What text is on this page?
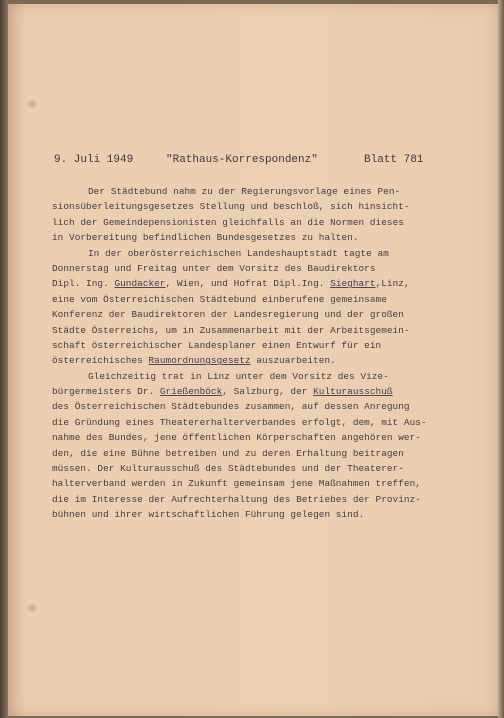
9. Juli 1949	"Rathaus-Korrespondenz"	Blatt 781
Der Städtebund nahm zu der Regierungsvorlage eines Pen-
sionsüberleitungsgesetzes Stellung und beschloß, sich hinsicht-
lich der Gemeindepensionisten gleichfalls an die Normen dieses
in Vorbereitung befindlichen Bundesgesetzes zu halten.
In der oberösterreichischen Landeshauptstadt tagte am
Donnerstag und Freitag unter dem Vorsitz des Baudirektors
Dipl. Ing. Gundacker, Wien, und Hofrat Dipl.Ing. Sieghart,Linz,
eine vom Österreichischen Städtebund einberufene gemeinsame
Konferenz der Baudirektoren der Landesregierung und der großen
Städte Österreichs, um in Zusammenarbeit mit der Arbeitsgemein-
schaft österreichischer Landesplaner einen Entwurf für ein
österreichisches Raumordnungsgesetz auszuarbeiten.
Gleichzeitig trat in Linz unter dem Vorsitz des Vize-
bürgermeisters Dr. Grießenböck, Salzburg, der Kulturausschuß
des Österreichischen Städtebundes zusammen, auf dessen Anregung
die Gründung eines Theatererhalterverbandes erfolgt, dem, mit Aus-
nahme des Bundes, jene öffentlichen Körperschaften angehören wer-
den, die eine Bühne betreiben und zu deren Erhaltung beitragen
müssen. Der Kulturausschuß des Städtebundes und der Theaterer-
halterverband werden in Zukunft gemeinsam jene Maßnahmen treffen,
die im Interesse der Aufrechterhaltung des Betriebes der Provinz-
bühnen und ihrer wirtschaftlichen Führung gelegen sind.
